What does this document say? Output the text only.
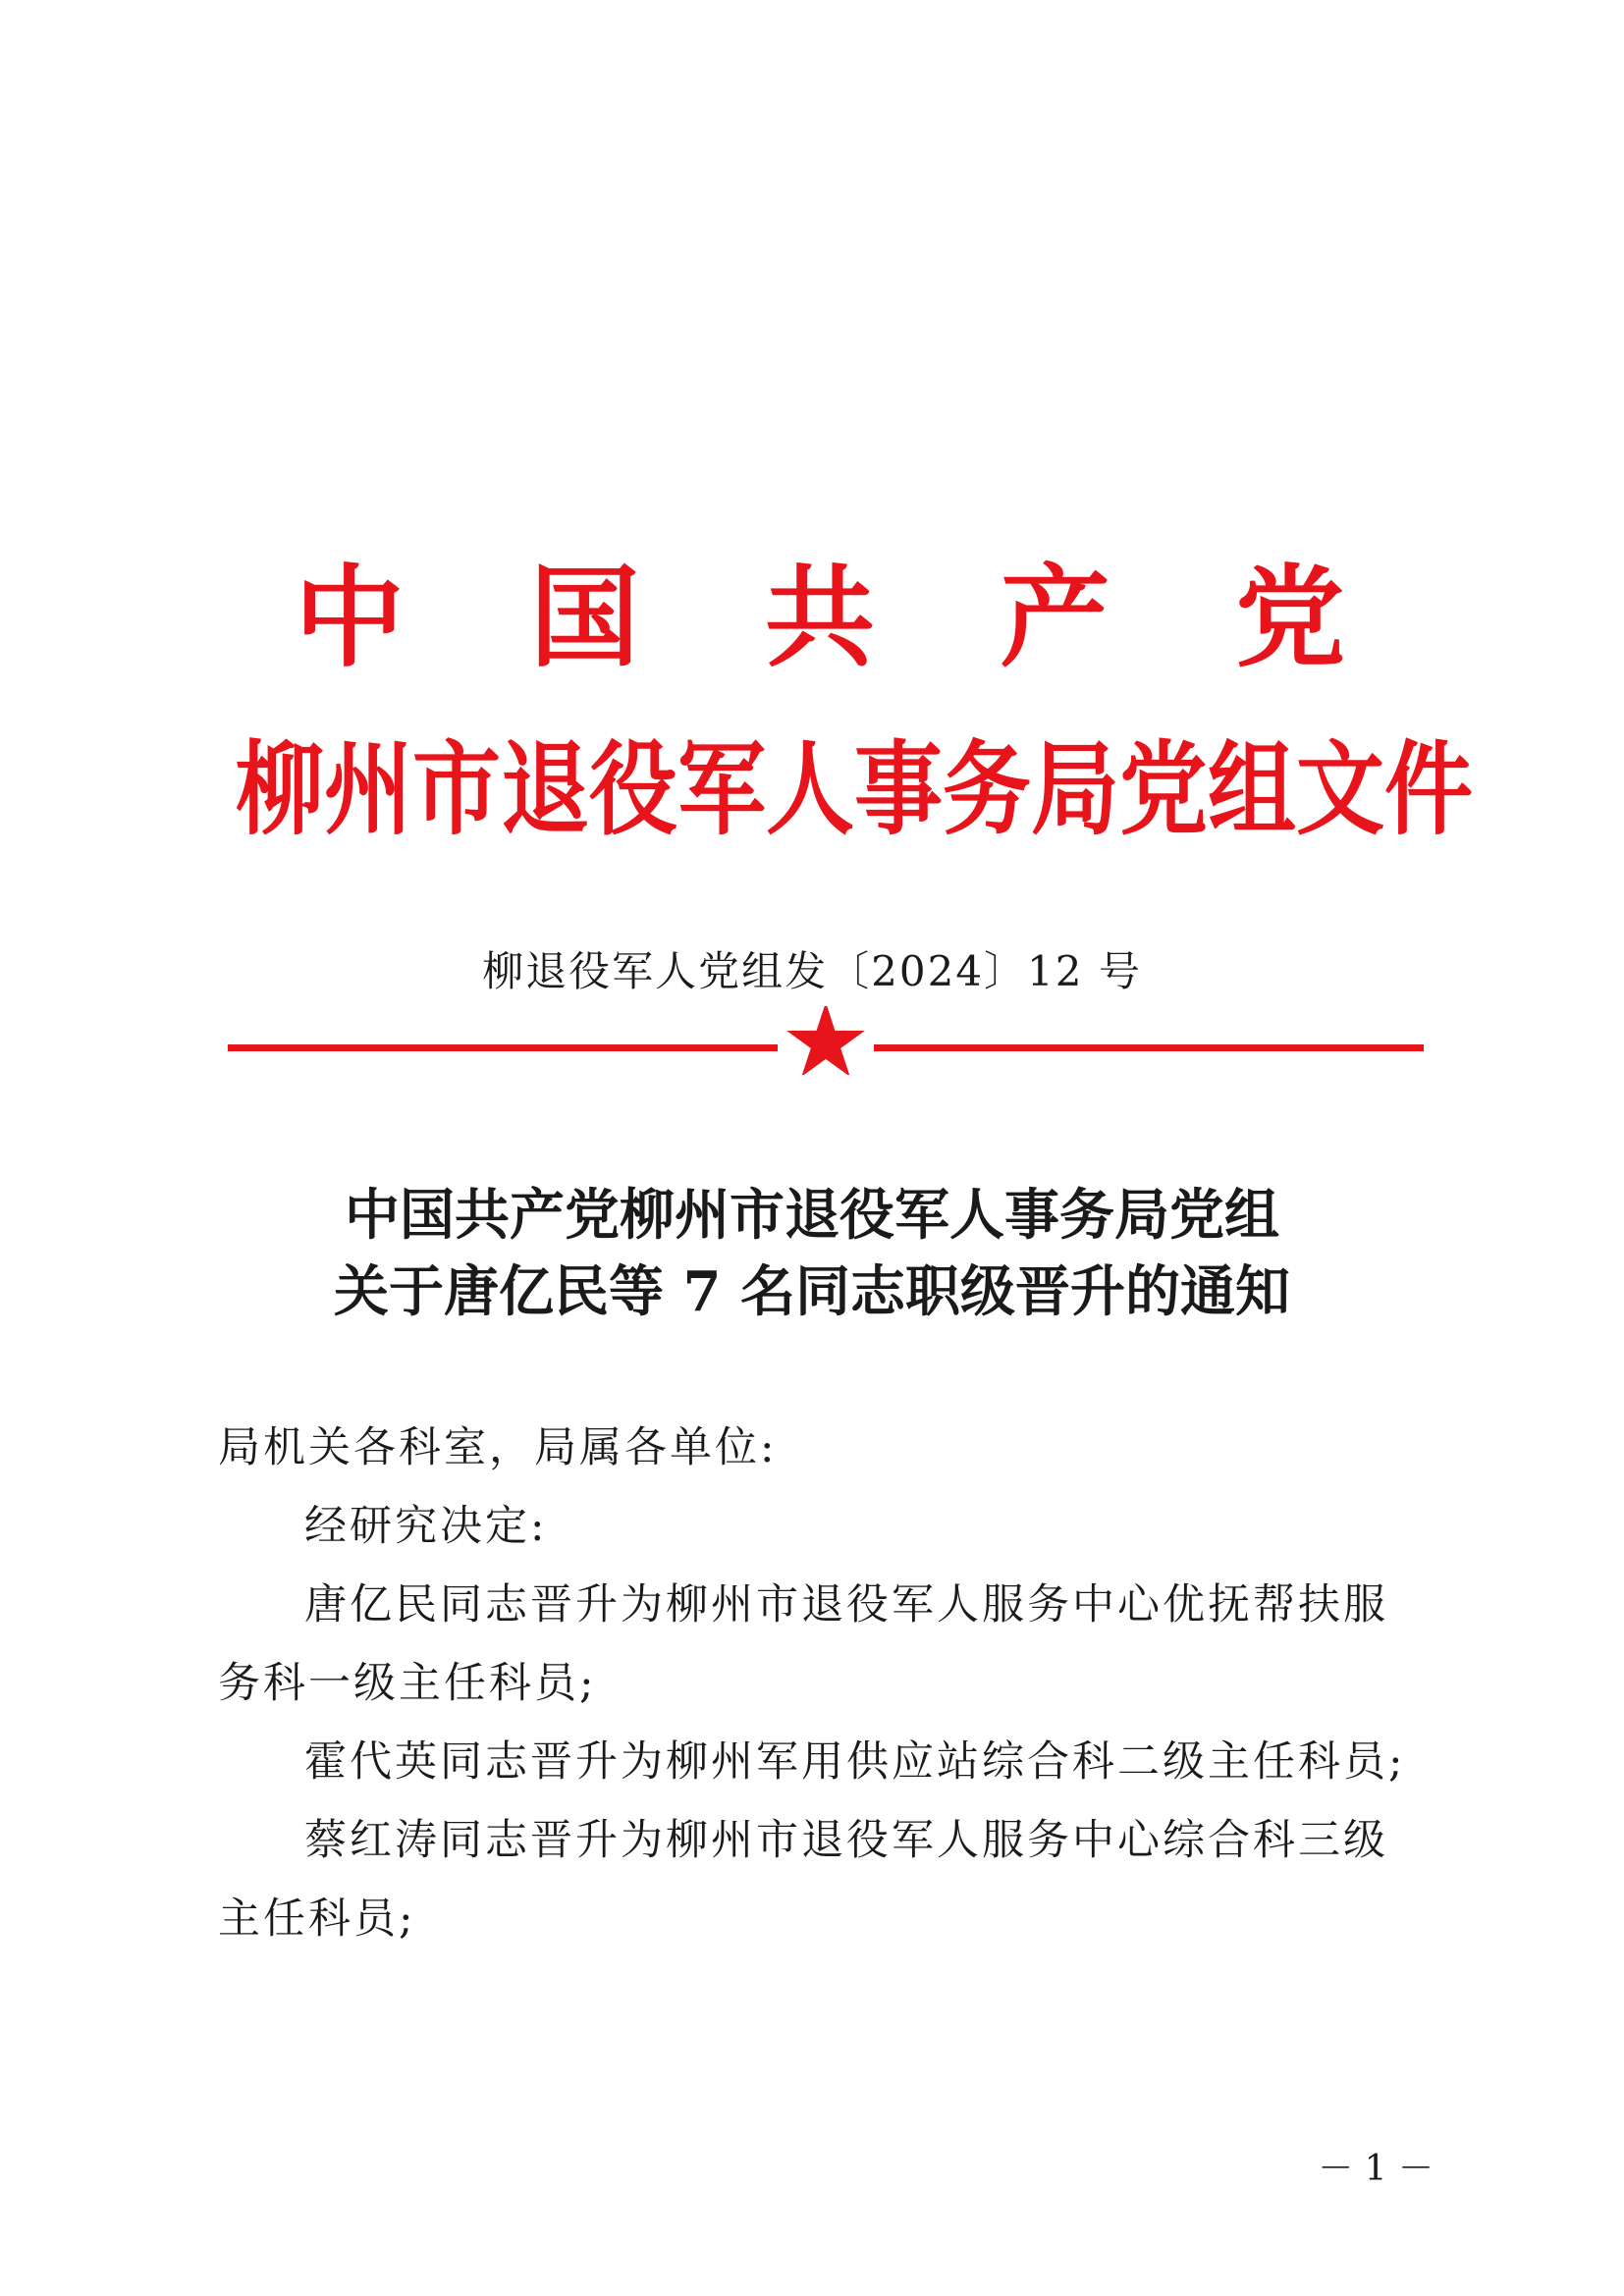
中 国 共 产 党
柳 州 市 退 役 军 人 事 务 局 党 组 文 件
柳退役军人党组发〔2024〕12 号
中国共产党柳州市退役军人事务局党组
关于唐亿民等 7 名同志职级晋升的通知

局机关各科室，局属各单位:

经研究决定:

唐亿民同志晋升为柳州市退役军人服务中心优抚帮扶服务科一级主任科员;

霍代英同志晋升为柳州军用供应站综合科二级主任科员;

蔡红涛同志晋升为柳州市退役军人服务中心综合科三级主任科员;

－ 1 －
